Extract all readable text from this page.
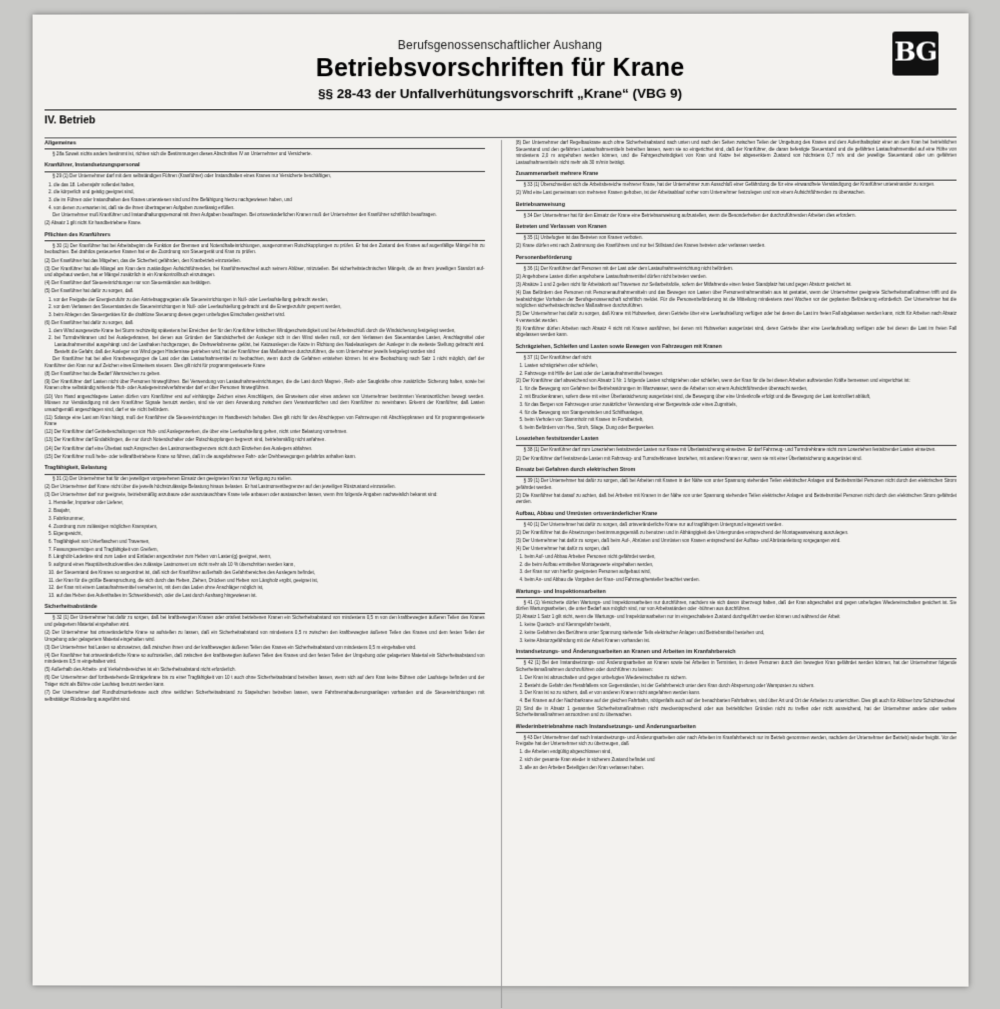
Berufsgenossenschaftlicher Aushang
Betriebsvorschriften für Krane
§§ 28-43 der Unfallverhütungsvorschrift „Krane“ (VBG 9)
BG
IV. Betrieb
Allgemeines

§ 28a Soweit nichts anders bestimmt ist, richten sich die Bestimmungen dieses Abschnittes IV an Unternehmer und Versicherte.

Kranführer, Instandsetzungspersonal

§ 29 (1) Der Unternehmer darf mit dem selbständigen Führen (Kranführer) oder Instandhalten eines Kranes nur Versicherte beschäftigen,

1. die das 18. Lebensjahr vollendet haben,

2. die körperlich und geistig geeignet sind,

3. die im Führen oder Instandhalten des Kranes unterwiesen sind und ihre Befähigung hierzu nachgewiesen haben, und

4. von denen zu erwarten ist, daß sie die ihnen übertragenen Aufgaben zuverlässig erfüllen.

Der Unternehmer muß Kranführer und Instandhaltungspersonal mit ihren Aufgaben beauftragen. Bei ortsveränderlichen Kranen muß der Unternehmer den Kranführer schriftlich beauftragen.

(2) Absatz 1 gilt nicht für handbetriebene Krane.

Pflichten des Kranführers

§ 30 (1) Der Kranführer hat bei Arbeitsbeginn die Funktion der Bremsen und Notendhalteinrichtungen, ausgenommen Rutschkupplungen zu prüfen. Er hat den Zustand des Kranes auf augenfällige Mängel hin zu beobachten. Bei drahtlos gesteuerten Kranen hat er die Zuordnung von Steuergerät und Kran zu prüfen.

(2) Der Kranführer hat das Mitgehen, das die Sicherheit gefährden, den Kranbetrieb einzustellen.

(3) Der Kranführer hat alle Mängel am Kran dem zuständigen Aufsichtführenden, bei Kranführerwechsel auch seinem Ablöser, mitzuteilen. Bei sicherheitstechnischen Mängeln, die an ihrem jeweiligen Standort auf- und abgebaut werden, hat er Mängel zusätzlich in ein Krankontrollbuch einzutragen.

(4) Der Kranführer darf Steuereinrichtungen nur von Steuerständen aus betätigen.

(5) Der Kranführer hat dafür zu sorgen, daß

1. vor der Freigabe der Energiezufuhr zu den Antriebsaggregaten alle Steuereinrichtungen in Null- oder Leerlaufstellung gebracht werden,

2. vor dem Verlassen des Steuerstandes die Steuereinrichtungen in Null- oder Leerlaufstellung gebracht und die Energiezufuhr gesperrt werden,

3. beim Ablegen des Steuergerätes für die drahtlose Steuerung dieses gegen unbefugtes Einschalten gesichert wird.

(6) Der Kranführer hat dafür zu sorgen, daß

1. dem Wind ausgesetzte Krane bei Sturm rechtzeitig spätestens bei Erreichen der für den Kranführer kritischen Windgeschwindigkeit und bei Arbeitsschluß durch die Windsicherung festgelegt werden,

2. bei Turmdrehkranen und bei Auslegerkranen, bei denen aus Gründen der Standsicherheit der Ausleger sich in den Wind stellen muß, vor dem Verlassen des Steuerstandes Lasten, Anschlagmittel oder Lastaufnahmemittel ausgehängt und der Lasthaken hochgezogen, die Drehwerksbremse gelöst, bei Katzauslegen die Katze in Richtung des Nadelauslegers der Ausleger in die weiteste Stellung gebracht wird. Besteht die Gefahr, daß der Ausleger von Wind gegen Hindernisse getrieben wird, hat der Kranführer das Maßnahmen durchzuführen, die vom Unternehmer jeweils festgelegt worden sind

Der Kranführer hat bei allen Kranbewegungen die Last oder das Lastaufnahmemittel zu beobachten, wenn durch die Gefahren entstehen können. Ist eine Beobachtung nach Satz 1 nicht möglich, darf der Kranführer den Kran nur auf Zeichen eines Einweisers steuern. Dies gilt nicht für programmgesteuerte Krane

(8) Der Kranführer hat die Bedarf Warnzeichen zu geben.

(9) Der Kranführer darf Lasten nicht über Personen hinwegführen. Bei Verwendung von Lastaufnahmeeinrichtungen, die die Last durch Magnet-, Reib- oder Saugkräfte ohne zusätzliche Sicherung halten, sowie bei Kranen ohne selbständig wirkende Hub- oder Auslegereinzelverfahrender darf er über Personen hinwegführen.

(10) Von Hand angeschlagene Lasten dürfen vom Kranführer erst auf einhängige Zeichen eines Anschlägers, des Einweisers oder eines anderen von Unternehmer bestimmten Verantwortlichen bewegt werden. Müssen zur Verständigung mit dem Kranführer Signale benutzt werden, sind sie vor dem Anwendung zwischen dem Verantwortlichen und dem Kranführer zu vereinbaren. Erkennt der Kranführer, daß Lasten unsachgemäß angeschlagen sind, darf er sie nicht befördern.

(11) Solange eine Last am Kran hängt, muß der Kranführer die Steuereinrichtungen im Handbereich behalten. Dies gilt nicht für des Abschleppen von Fahrzeugen mit Abschleppkranen und für programmgesteuerte Krane

(12) Der Kranführer darf Getriebeschaltungen von Hub- und Auslegerwerken, die über eine Leerlaufstellung gehen, nicht unter Belastung vornehmen.

(13) Der Kranführer darf Endabklingen, die nur durch Notendschalter oder Rutschkupplungen begrenzt sind, betriebsmäßig nicht anfahren.

(14) Der Kranführer darf eine Überlast nach Ansprechen des Lastmomentbegrenzers nicht durch Einziehen des Auslegers abfahren.

(15) Der Kranführer muß hebe- oder teilkraftbetriebene Krane so führen, daß in die ausgefahrenen Fahr- oder Drehbewegungen gefahrlos anhalten kann.

Tragfähigkeit, Belastung

§ 31 (1) Der Unternehmer hat für den jeweiligen vorgesehenen Einsatz den geeigneten Kran zur Verfügung zu stellen.

(2) Der Unternehmer darf Krane nicht über die jeweils höchstzulässige Belastung hinaus belasten. Er hat Lastmomentbegrenzer auf den jeweiligen Rüstzustand einzustellen.

(3) Der Unternehmer darf nur geeignete, betriebsmäßig anzubaure oder auszutauschbare Krane teile anbauen oder austauschen lassen, wenn ihm folgende Angaben nachweislich bekannt sind:

1. Hersteller, Importeur oder Lieferer,

2. Baujahr,

3. Fabriknummer,

4. Zuordnung zum zulässigen möglichen Kransystem,

5. Eigengewicht,

6. Tragfähigkeit von Unterflaschen und Traversen,

7. Fassungsvermögen und Tragfähigkeit von Greifern,

8. Länghölz-Laderäne sind zum Laden und Entladen angeordneter zum Heben von Lasten(g) geeignet, wenn,

9. aufgrund eines Hauptüberdruckventiles des zulässige Lastmoment um nicht mehr als 10 % überschritten werden kann,

10. der Steuerstand des Kranes so angeordnet ist, daß sich der Kranführer außerhalb des Gefahrbereiches des Auslegers befindet,

11. der Kran für die größte Beanspruchung, die sich durch das Heben, Ziehen, Drücken und Heben von Längholz ergibt, geeignet ist,

12. der Kran mit einem Lastaufnahmemittel versehen ist, mit dem das Laden ohne Anschläger möglich ist,

13. auf das Heben des Aufenthaltes im Schwenkbereich, oder die Last durch Aushang hingewiesen ist.

Sicherheitsabstände

§ 32 (1) Der Unternehmer hat dafür zu sorgen, daß bei kraftbewegten Kranen oder ortsfest betriebenen Kranen ein Sicherheitsabstand von mindestens 0,5 m von den kraftbewegten äußeren Teilen des Kranes und gelagertem Material eingehalten wird.

(2) Der Unternehmer hat ortsveränderliche Krane so aufstellen zu lassen, daß ein Sicherheitsabstand von mindestens 0,5 m zwischen den kraftbewegten äußeren Teilen des Kranes und dem festen Teilen der Umgebung oder gelagertem Material eingehalten wird.

(3) Der Unternehmer hat Lasten so abzusetzen, daß zwischen ihnen und der kraftbewegten äußeren Teilen des Kranes ein Sicherheitsabstand von mindestens 0,5 m eingehalten wird.

(4) Der Kranführer hat ortsveränderliche Krane so aufzustellen, daß zwischen den kraftbewegten äußeren Teilen des Kranes und den festen Teilen der Umgebung oder gelagertem Material ein Sicherheitsabstand von mindestens 0,5 m eingehalten wird.

(5) Außerhalb des Arbeits- und Verkehrsbereiches ist ein Sicherheitsabstand nicht erforderlich.

(6) Der Unternehmer darf fortbestehende Einträgerkrane bis zu einer Tragfähigkeit von 10 t auch ohne Sicherheitsabstand betreiben lassen, wenn sich auf dem Kran keine Bühnen oder Laufstege befinden und der Träger nicht als Bühne oder Laufsteg benutzt werden kann.

(7) Der Unternehmer darf Rundholzsortierkrane auch ohne seitlichen Sicherheitsabstand zu Stapelschen betreiben lassen, wenn Fahrbremshaubenungsanlagen vorhanden und die Steuereinrichtungen mit selbsttätiger Rückstellung ausgeführt sind.

(8) Der Unternehmer darf Regelbaukrane auch ohne Sicherheitsabstand nach unten und nach den Seiten zwischen Teilen der Umgebung des Kranes und dem Aufenthaltsplatz einer an dem Kran bei betrieblichen Steuerstand und den gefährten Lastaufnahmemitteln betreiben lassen, wenn sie so eingerichtet sind, daß der Kranführer, die daran befestigte Steuerstand und die gefährten Lastaufnahmemittel auf eine Höhe von mindestens 2,0 m angehoben werden können, und die Fahrgeschwindigkeit von Kran und Katze bei abgesenktem Zustand von höchstens 0,7 m/s und der jeweilige Steuerstand oder um gefährten Lastaufnahmemitteln nicht mehr als 30 m/min beträgt.

Zusammenarbeit mehrere Krane

§ 33 (1) Überschneiden sich die Arbeitsbereiche mehrerer Krane, hat der Unternehmer zum Ausschluß einer Gefährdung die für eine einwandfreie Verständigung der Kranführer untereinander zu sorgen.

(2) Wird eine Last gemeinsam von mehreren Kranen gehoben, ist der Arbeitsablauf vorher vom Unternehmer festzulegen und von einem Aufsichtführenden zu überwachen.

Betriebsanweisung

§ 34 Der Unternehmer hat für den Einsatz der Krane eine Betriebsanweisung aufzustellen, wenn die Besonderheiten der durchzuführenden Arbeiten dies erfordern.

Betreten und Verlassen von Kranen

§ 35 (1) Unbefugten ist das Betreten von Kranen verboten.

(2) Krane dürfen erst nach Zustimmung des Kranführers und nur bei Stillstand des Kranes betreten oder verlassen werden.

Personenbeförderung

§ 36 (1) Der Kranführer darf Personen mit der Last oder dem Lastaufnahmeeinrichtung nicht befördern.

(2) Angehobene Lasten dürfen angehobene Lastaufnahmemittel dürfen nicht betreten werden.

(3) Absätze 1 und 2 gelten nicht für Arbeitskorb auf Traversen zur Seilarbeitsfolie, sofern der Mitfahrende einen festen Standplatz hat und gegen Absturz gesichert ist.

(4) Das Befördern den Personen mit Personenaufnahmemitteln und das Bewegen von Lasten über Personen/nahmemitteln aus ist gestattet, wenn der Unternehmer geeignete Sicherheitsmaßnahmen trifft und die beabsichtigter Vorhaben der Berufsgenossenschaft schriftlich meldet. Für die Personenbeförderung ist die Mitteilung mindestens zwei Wochen vor der geplanten Beförderung erforderlich. Der Unternehmer hat die möglichen sicherheitstechnischen Maßnahmen durchzuführen.

(5) Der Unternehmer hat dafür zu sorgen, daß Krane mit Hubwerken, deren Getriebe über eine Leerlaufstellung verfügen oder bei denen die Last im freien Fall abgelassen werden kann, nicht für Arbeiten nach Absatz 4 verwendet werden.

(6) Kranführer dürfen Arbeiten nach Absatz 4 nicht mit Kranen ausführen, bei denen mit Hubwerken ausgerüstet sind, deren Getriebe über eine Leerlaufstellung verfügen oder bei denen die Last im freien Fall abgelassen werden kann.

Schrägziehen, Schleifen und Lasten sowie Bewegen von Fahrzeugen mit Kranen

§ 37 (1) Der Kranführer darf nicht

1. Lasten schrägziehen oder schleifen,

2. Fahrzeuge mit Hilfe der Last oder der Lastaufnahmemittel bewegen.

(2) Der Kranführer darf abweichend von Absatz 1 Nr. 1 folgende Lasten schrägziehen oder schleifen, wenn der Kran für die bei diesen Arbeiten auftretenden Kräfte bemessen und eingerichtet ist:

1. für die Bewegung von Gefahren bei Betriebsstörungen im Warzwasser, wenn die Arbeiten von einem Aufsichtführenden überwacht werden,

2. mit Bruckenkranen, sofern diese mit einer Überlastsicherung ausgerüstet sind, die Bewegung über eine Umlenkrolle erfolgt und die Bewegung der Last kontrolliert abläuft,

3. für das Bergen von Fahrzeugen unter zusätzlicher Verwendung einer Bergewinde oder eines Zugmittels,

4. für die Bewegung von Stangenwinden und Schiffsanlagen,

5. beim Verholen von Stammholz mit Kranen im Forstbetrieb,

6. beim Befördern von Heu, Stroh, Silage, Dung oder Bergwerken.

Loseziehen festsitzender Lasten

§ 38 (1) Der Kranführer darf zum Loseziehen festsitzender Lasten nur Krane mit Überlastsicherung einsetzen. Er darf Fahrzeug- und Turmdrehkrane nicht zum Loseziehen festsitzender Lasten einsetzen.

(2) Der Kranführer darf festsitzende Lasten mit Fahrzeug- und Turmdrehkranen losziehen, mit anderen Kranen nur, wenn sie mit einer Überlastsicherung ausgerüstet sind.

Einsatz bei Gefahren durch elektrischen Strom

§ 39 (1) Der Unternehmer hat dafür zu sorgen, daß bei Arbeiten mit Kranen in der Nähe von unter Spannung stehenden Teilen elektrischer Anlagen und Betriebsmittel Personen nicht durch den elektrischen Strom gefährdet werden.

(2) Die Kranführer hat darauf zu achten, daß bei Arbeiten mit Kranen in der Nähe von unter Spannung stehenden Teilen elektrischer Anlagen und Betriebsmittel Personen nicht durch den elektrischen Strom gefährdet werden.

Aufbau, Abbau und Umrüsten ortsveränderlicher Krane

§ 40 (1) Der Unternehmer hat dafür zu sorgen, daß ortsveränderliche Krane nur auf tragfähigem Untergrund eingesetzt werden.

(2) Der Kranführer hat die Absetzungen bestimmungsgemäß zu benutzen und in Abhängigkeit des Untergrundes entsprechend der Montageanweisung auszulegen.

(3) Der Unternehmer hat dafür zu sorgen, daß beim Auf-, Abrüsten und Umrüsten von Kranen entsprechend der Aufbau- und Abrüstanleitung vorgegangen wird.

(4) Der Unternehmer hat dafür zu sorgen, daß

1. beim Auf- und Abbau Arbeiten Personen nicht gefährdet werden,

2. die beim Aufbau ermittelten Montagewerte eingehalten werden,

3. der Kran nur von hierfür geeigneten Personen aufgebaut wird,

4. beim An- und Abbau die Vorgaben der Kran- und Fahrzeughersteller beachtet werden.

Wartungs- und Inspektionsarbeiten

§ 41 (1) Versicherte dürfen Wartungs- und Inspektionsarbeiten nur durchführen, nachdem sie sich davon überzeugt haben, daß der Kran abgeschaltet und gegen unbefugtes Wiedereinschalten gesichert ist. Sie dürfen Wartungsarbeiten, die unter Bedarf aus möglich sind, nur von Arbeitsständen oder -bühnen aus durchführen.

(2) Absatz 1 Satz 1 gilt nicht, wenn die Wartungs- und Inspektionsarbeiten nur im eingeschalteten Zustand durchgeführt werden können und während der Arbeit

1. keine Quetsch- und Klemmgefahr besteht,

2. keine Gefahren des Berührens unter Spannung stehender Teils elektrischer Anlagen und Betriebsmittel bestehen und,

3. keine Absturzgefährdung mit der Arbeit Kranen vorhanden ist.

Instandsetzungs- und Änderungsarbeiten an Kranen und Arbeiten im Kranfahrbereich

§ 42 (1) Bei den Instandsetzungs- und Änderungsarbeiten an Kranen sowie bei Arbeiten in Terminien, in denen Personen durch den bewegten Kran gefährdet werden können, hat der Unternehmer folgende Sicherheitsmaßnahmen durchzuführen oder durchführen zu lassen:

1. Der Kran ist abzuschalten und gegen unbefugtes Wiedereinschalten zu sichern.

2. Besteht die Gefahr des Herabfallens von Gegenständen, ist der Gefahrbereich unter dem Kran durch Absperrung oder Warnposten zu sichern.

3. Der Kran ist so zu sichern, daß er von anderen Kranen nicht angefahren werden kann.

4. Bei Kranen auf der Nachbarkrane auf der gleichen Fahrbahn, nötigenfalls auch auf der benachbarten Fahrbahnen, sind über Art und Ort der Arbeiten zu unterrichten. Dies gilt auch für Ablöser bzw Schichtwechsel

(2) Sind die in Absatz 1 genannten Sicherheitsmaßnahmen nicht zweckentsprechend oder aus betrieblichen Gründen nicht zu treffen oder nicht ausreichend, hat der Unternehmer andere oder weitere Sicherheitsmaßnahmen anzuordnen und zu überwachen.

Wiederinbetriebnahme nach Instandsetzungs- und Änderungsarbeiten

§ 43 Der Unternehmer darf nach Instandsetzungs- und Änderungsarbeiten oder nach Arbeiten im Kranfahrbereich nur im Betrieb genommen werden, nachdem der Unternehmer der Betrieb) wieder freigibt. Vor der Freigabe hat der Unternehmer sich zu überzeugen, daß

1. die Arbeiten endgültig abgeschlossen sind,

2. sich der gesamte Kran wieder in sicherem Zustand befindet und

3. alle an den Arbeiten Beteiligten den Kran verlassen haben.
